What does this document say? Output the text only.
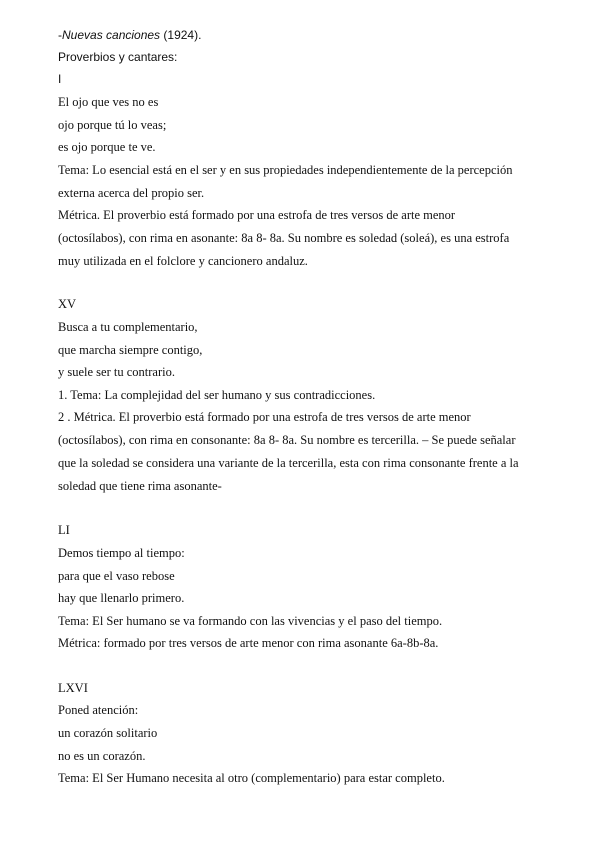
-Nuevas canciones (1924).
Proverbios y cantares:
I
El ojo que ves no es
ojo porque tú lo veas;
es ojo porque te ve.
Tema: Lo esencial está en el ser y en sus propiedades independientemente de la percepción
externa acerca del propio ser.
Métrica. El proverbio está formado por una estrofa de tres versos de arte menor
(octosílabos), con rima en asonante: 8a 8- 8a. Su nombre es soledad (soleá), es una estrofa
muy utilizada en el folclore y cancionero andaluz.
XV
Busca a tu complementario,
que marcha siempre contigo,
y suele ser tu contrario.
1. Tema: La complejidad del ser humano y sus contradicciones.
2 . Métrica. El proverbio está formado por una estrofa de tres versos de arte menor
(octosílabos), con rima en consonante: 8a 8- 8a. Su nombre es tercerilla. – Se puede señalar
que la soledad se considera una variante de la tercerilla, esta con rima consonante frente a la
soledad que tiene rima asonante-
LI
Demos tiempo al tiempo:
para que el vaso rebose
hay que llenarlo primero.
Tema: El Ser humano se va formando con las vivencias y el paso del tiempo.
Métrica: formado por tres versos de arte menor con rima asonante 6a-8b-8a.
LXVI
Poned atención:
un corazón solitario
no es un corazón.
Tema: El Ser Humano necesita al otro (complementario) para estar completo.
